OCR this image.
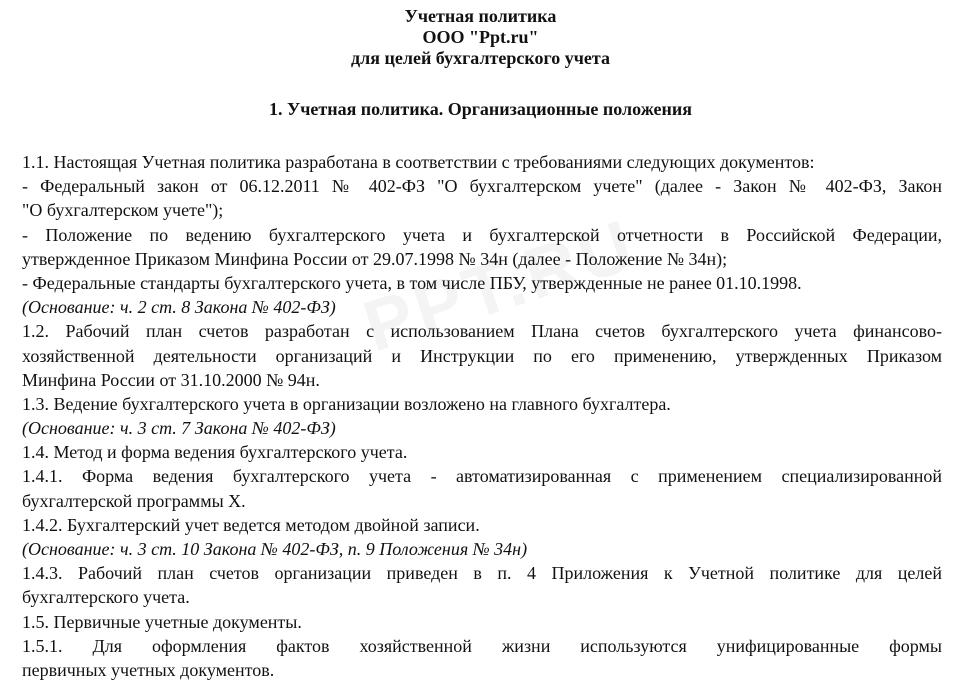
Учетная политика
ООО "Ppt.ru"
для целей бухгалтерского учета
1. Учетная политика. Организационные положения
1.1. Настоящая Учетная политика разработана в соответствии с требованиями следующих документов:
- Федеральный закон от 06.12.2011 № 402-ФЗ "О бухгалтерском учете" (далее - Закон № 402-ФЗ, Закон
"О бухгалтерском учете");
- Положение по ведению бухгалтерского учета и бухгалтерской отчетности в Российской Федерации,
утвержденное Приказом Минфина России от 29.07.1998 № 34н (далее - Положение № 34н);
- Федеральные стандарты бухгалтерского учета, в том числе ПБУ, утвержденные не ранее 01.10.1998.
(Основание: ч. 2 ст. 8 Закона № 402-ФЗ)
1.2. Рабочий план счетов разработан с использованием Плана счетов бухгалтерского учета финансово-
хозяйственной деятельности организаций и Инструкции по его применению, утвержденных Приказом
Минфина России от 31.10.2000 № 94н.
1.3. Ведение бухгалтерского учета в организации возложено на главного бухгалтера.
(Основание: ч. 3 ст. 7 Закона № 402-ФЗ)
1.4. Метод и форма ведения бухгалтерского учета.
1.4.1. Форма ведения бухгалтерского учета - автоматизированная с применением специализированной
бухгалтерской программы X.
1.4.2. Бухгалтерский учет ведется методом двойной записи.
(Основание: ч. 3 ст. 10 Закона № 402-ФЗ, п. 9 Положения № 34н)
1.4.3. Рабочий план счетов организации приведен в п. 4 Приложения к Учетной политике для целей
бухгалтерского учета.
1.5. Первичные учетные документы.
1.5.1. Для оформления фактов хозяйственной жизни используются унифицированные формы
первичных учетных документов.
